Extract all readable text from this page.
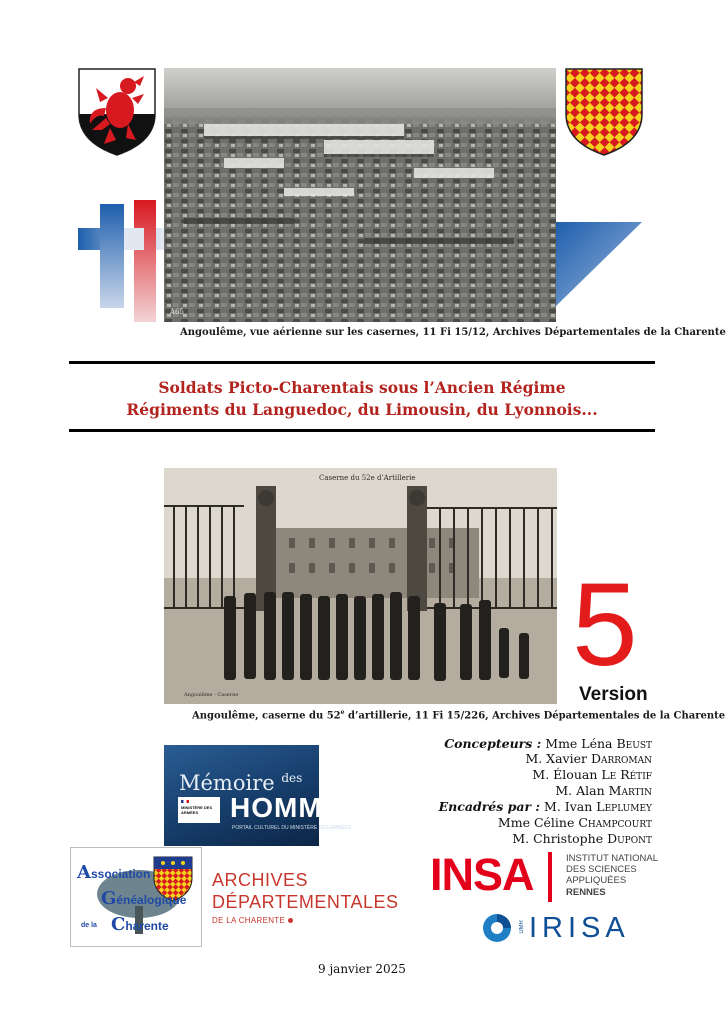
A65
Angoulême, vue aérienne sur les casernes, 11 Fi 15/12, Archives Départementales de la Charente
Soldats Picto-Charentais sous l’Ancien Régime
Régiments du Languedoc, du Limousin, du Lyonnois...
Caserne du 52e d’Artillerie
Angoulême - Caserne
5
Version
Angoulême, caserne du 52e d’artillerie, 11 Fi 15/226, Archives Départementales de la Charente
Concepteurs : Mme Léna Beust
M. Xavier Darroman
M. Élouan Le Rétif
M. Alan Martin
Encadrés par : M. Ivan Leplumey
Mme Céline Champcourt
M. Christophe Dupont
Mémoire $^{des}$
MINISTÈRE DES ARMÉES	HOMMES
PORTAIL CULTUREL DU MINISTÈRE DES ARMÉES
Association
Généalogique
de la Charente
ARCHIVES
DÉPARTEMENTALES
DE LA CHARENTE
INSA	INSTITUT NATIONAL
DES SCIENCES
APPLIQUÉES
RENNES
UMR IRISA
9 janvier 2025
